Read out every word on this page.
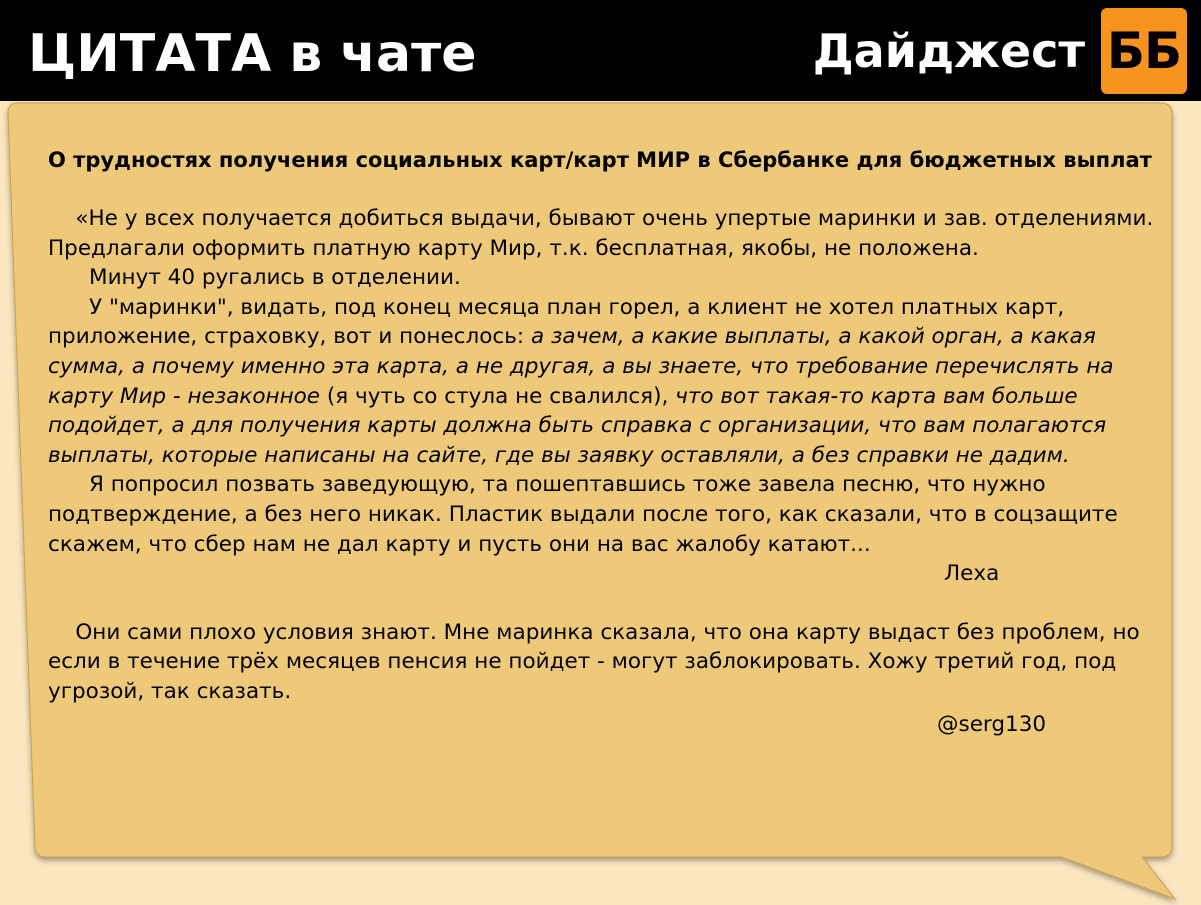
ЦИТАТА в чате	Дайджест ББ
О трудностях получения социальных карт/карт МИР в Сбербанке для бюджетных выплат

«Не у всех получается добиться выдачи, бывают очень упертые маринки и зав. отделениями. Предлагали оформить платную карту Мир, т.к. бесплатная, якобы, не положена.

Минут 40 ругались в отделении.

У "маринки", видать, под конец месяца план горел, а клиент не хотел платных карт, приложение, страховку, вот и понеслось: а зачем, а какие выплаты, а какой орган, а какая сумма, а почему именно эта карта, а не другая, а вы знаете, что требование перечислять на карту Мир - незаконное (я чуть со стула не свалился), что вот такая-то карта вам больше подойдет, а для получения карты должна быть справка с организации, что вам полагаются выплаты, которые написаны на сайте, где вы заявку оставляли, а без справки не дадим.

Я попросил позвать заведующую, та пошептавшись тоже завела песню, что нужно подтверждение, а без него никак. Пластик выдали после того, как сказали, что в соцзащите скажем, что сбер нам не дал карту и пусть они на вас жалобу катают...

Леха

Они сами плохо условия знают. Мне маринка сказала, что она карту выдаст без проблем, но если в течение трёх месяцев пенсия не пойдет - могут заблокировать. Хожу третий год, под угрозой, так сказать.

@serg130
